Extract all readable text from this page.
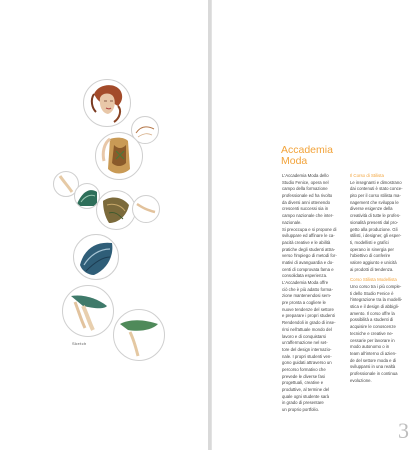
Sketch
Accademia
Moda
L'Accademia Moda dello
Studio Fenice, opera nel
campo della formazione
professionale ed ha rivolto
da diversi anni ottenendo
crescenti successi sia in
campo nazionale che inter-
nazionale.
Si preoccupa e si propone di
sviluppare ed affinare le ca-
pacità creative e le abilità
pratiche degli studenti attra-
verso l'impiego di metodi for-
mativi di avanguardia e do-
centi di comprovata fama e
consolidata esperienza.
L'Accademia Moda offre
ciò che è più adatto forma-
zione mantenendosi sem-
pre pronta a cogliere le
nuove tendenze del settore
e preparare i propri studenti
Rendendoli in grado di inse-
rirsi nell'attuale mondo del
lavoro e di conquistarsi
un'affermazione nel set-
tore del design internazio-
nale. I propri studenti ven-
gono guidati attraverso un
percorso formativo che
prevede le diverse fasi
progettuali, creative e
produttive, al termine del
quale ogni studente sarà
in grado di presentare
un proprio portfolio.
Il Corso di Stilista
Le insegnanti e dimostrano
dai contenuti è stato conce-
pito per il corso stilista ma-
nagement che sviluppa le
diverse esigenze della
creatività di tutte le profes-
sionalità presenti dal pro-
getto alla produzione. Gli
stilisti, i designer, gli esper-
ti, modellisti e grafici
operano in sinergia per
l'obiettivo di conferire
valore aggiunto e unicità
ai prodotti di tendenza.
Corso Stilista Modellista
Uno corso tra i più comple-
ti dello Studio Fenice è
l'integrazione tra la modelli-
stica e il design di abbigli-
amento. Il corso offre la
possibilità a studenti di
acquisire le conoscenze
tecniche e creative ne-
cessarie per lavorare in
modo autonomo o in
team all'interno di azien-
de del settore moda e di
svilupparsi in una realtà
professionale in continua
evoluzione.
3
